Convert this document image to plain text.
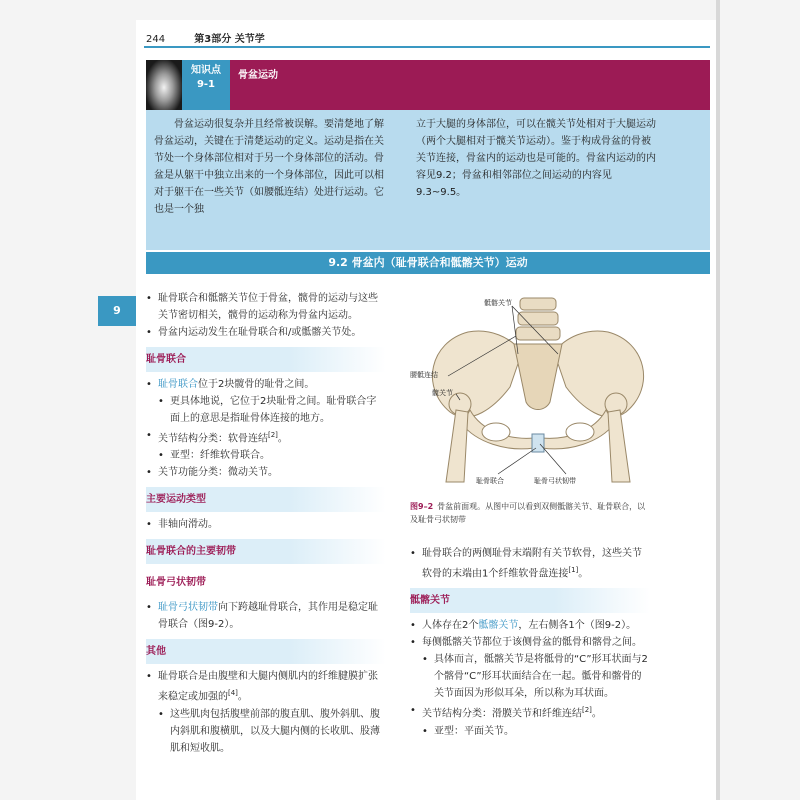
244	第3部分 关节学
知识点
9-1
骨盆运动
骨盆运动很复杂并且经常被误解。要清楚地了解骨盆运动，关键在于清楚运动的定义。运动是指在关节处一个身体部位相对于另一个身体部位的活动。骨盆是从躯干中独立出来的一个身体部位，因此可以相对于躯干在一些关节（如腰骶连结）处进行运动。它也是一个独
立于大腿的身体部位，可以在髋关节处相对于大腿运动（两个大腿相对于髋关节运动）。鉴于构成骨盆的骨被关节连接，骨盆内的运动也是可能的。骨盆内运动的内容见9.2；骨盆和相邻部位之间运动的内容见9.3~9.5。
9.2 骨盆内（耻骨联合和骶髂关节）运动
9
• 耻骨联合和骶髂关节位于骨盆，髋骨的运动与这些关节密切相关，髋骨的运动称为骨盆内运动。
• 骨盆内运动发生在耻骨联合和/或骶髂关节处。
耻骨联合
• 耻骨联合位于2块髋骨的耻骨之间。
• 更具体地说，它位于2块耻骨之间。耻骨联合字面上的意思是指耻骨体连接的地方。
• 关节结构分类：软骨连结[2]。
• 亚型：纤维软骨联合。
• 关节功能分类：微动关节。
主要运动类型
• 非轴向滑动。
耻骨联合的主要韧带
耻骨弓状韧带
• 耻骨弓状韧带向下跨越耻骨联合，其作用是稳定耻骨联合（图9-2）。
其他
• 耻骨联合是由腹壁和大腿内侧肌内的纤维腱膜扩张来稳定或加强的[4]。
• 这些肌肉包括腹壁前部的腹直肌、腹外斜肌、腹内斜肌和腹横肌，以及大腿内侧的长收肌、股薄肌和短收肌。
骶髂关节
腰骶连结
髋关节
耻骨联合	耻骨弓状韧带
图9–2 骨盆前面观。从图中可以看到双侧骶髂关节、耻骨联合，以及耻骨弓状韧带
• 耻骨联合的两侧耻骨末端附有关节软骨，这些关节软骨的末端由1个纤维软骨盘连接[1]。
骶髂关节
• 人体存在2个骶髂关节，左右侧各1个（图9-2）。
• 每侧骶髂关节都位于该侧骨盆的骶骨和髂骨之间。
• 具体而言，骶髂关节是将骶骨的“C”形耳状面与2个髂骨“C”形耳状面结合在一起。骶骨和髂骨的关节面因为形似耳朵，所以称为耳状面。
• 关节结构分类：滑膜关节和纤维连结[2]。
• 亚型：平面关节。
